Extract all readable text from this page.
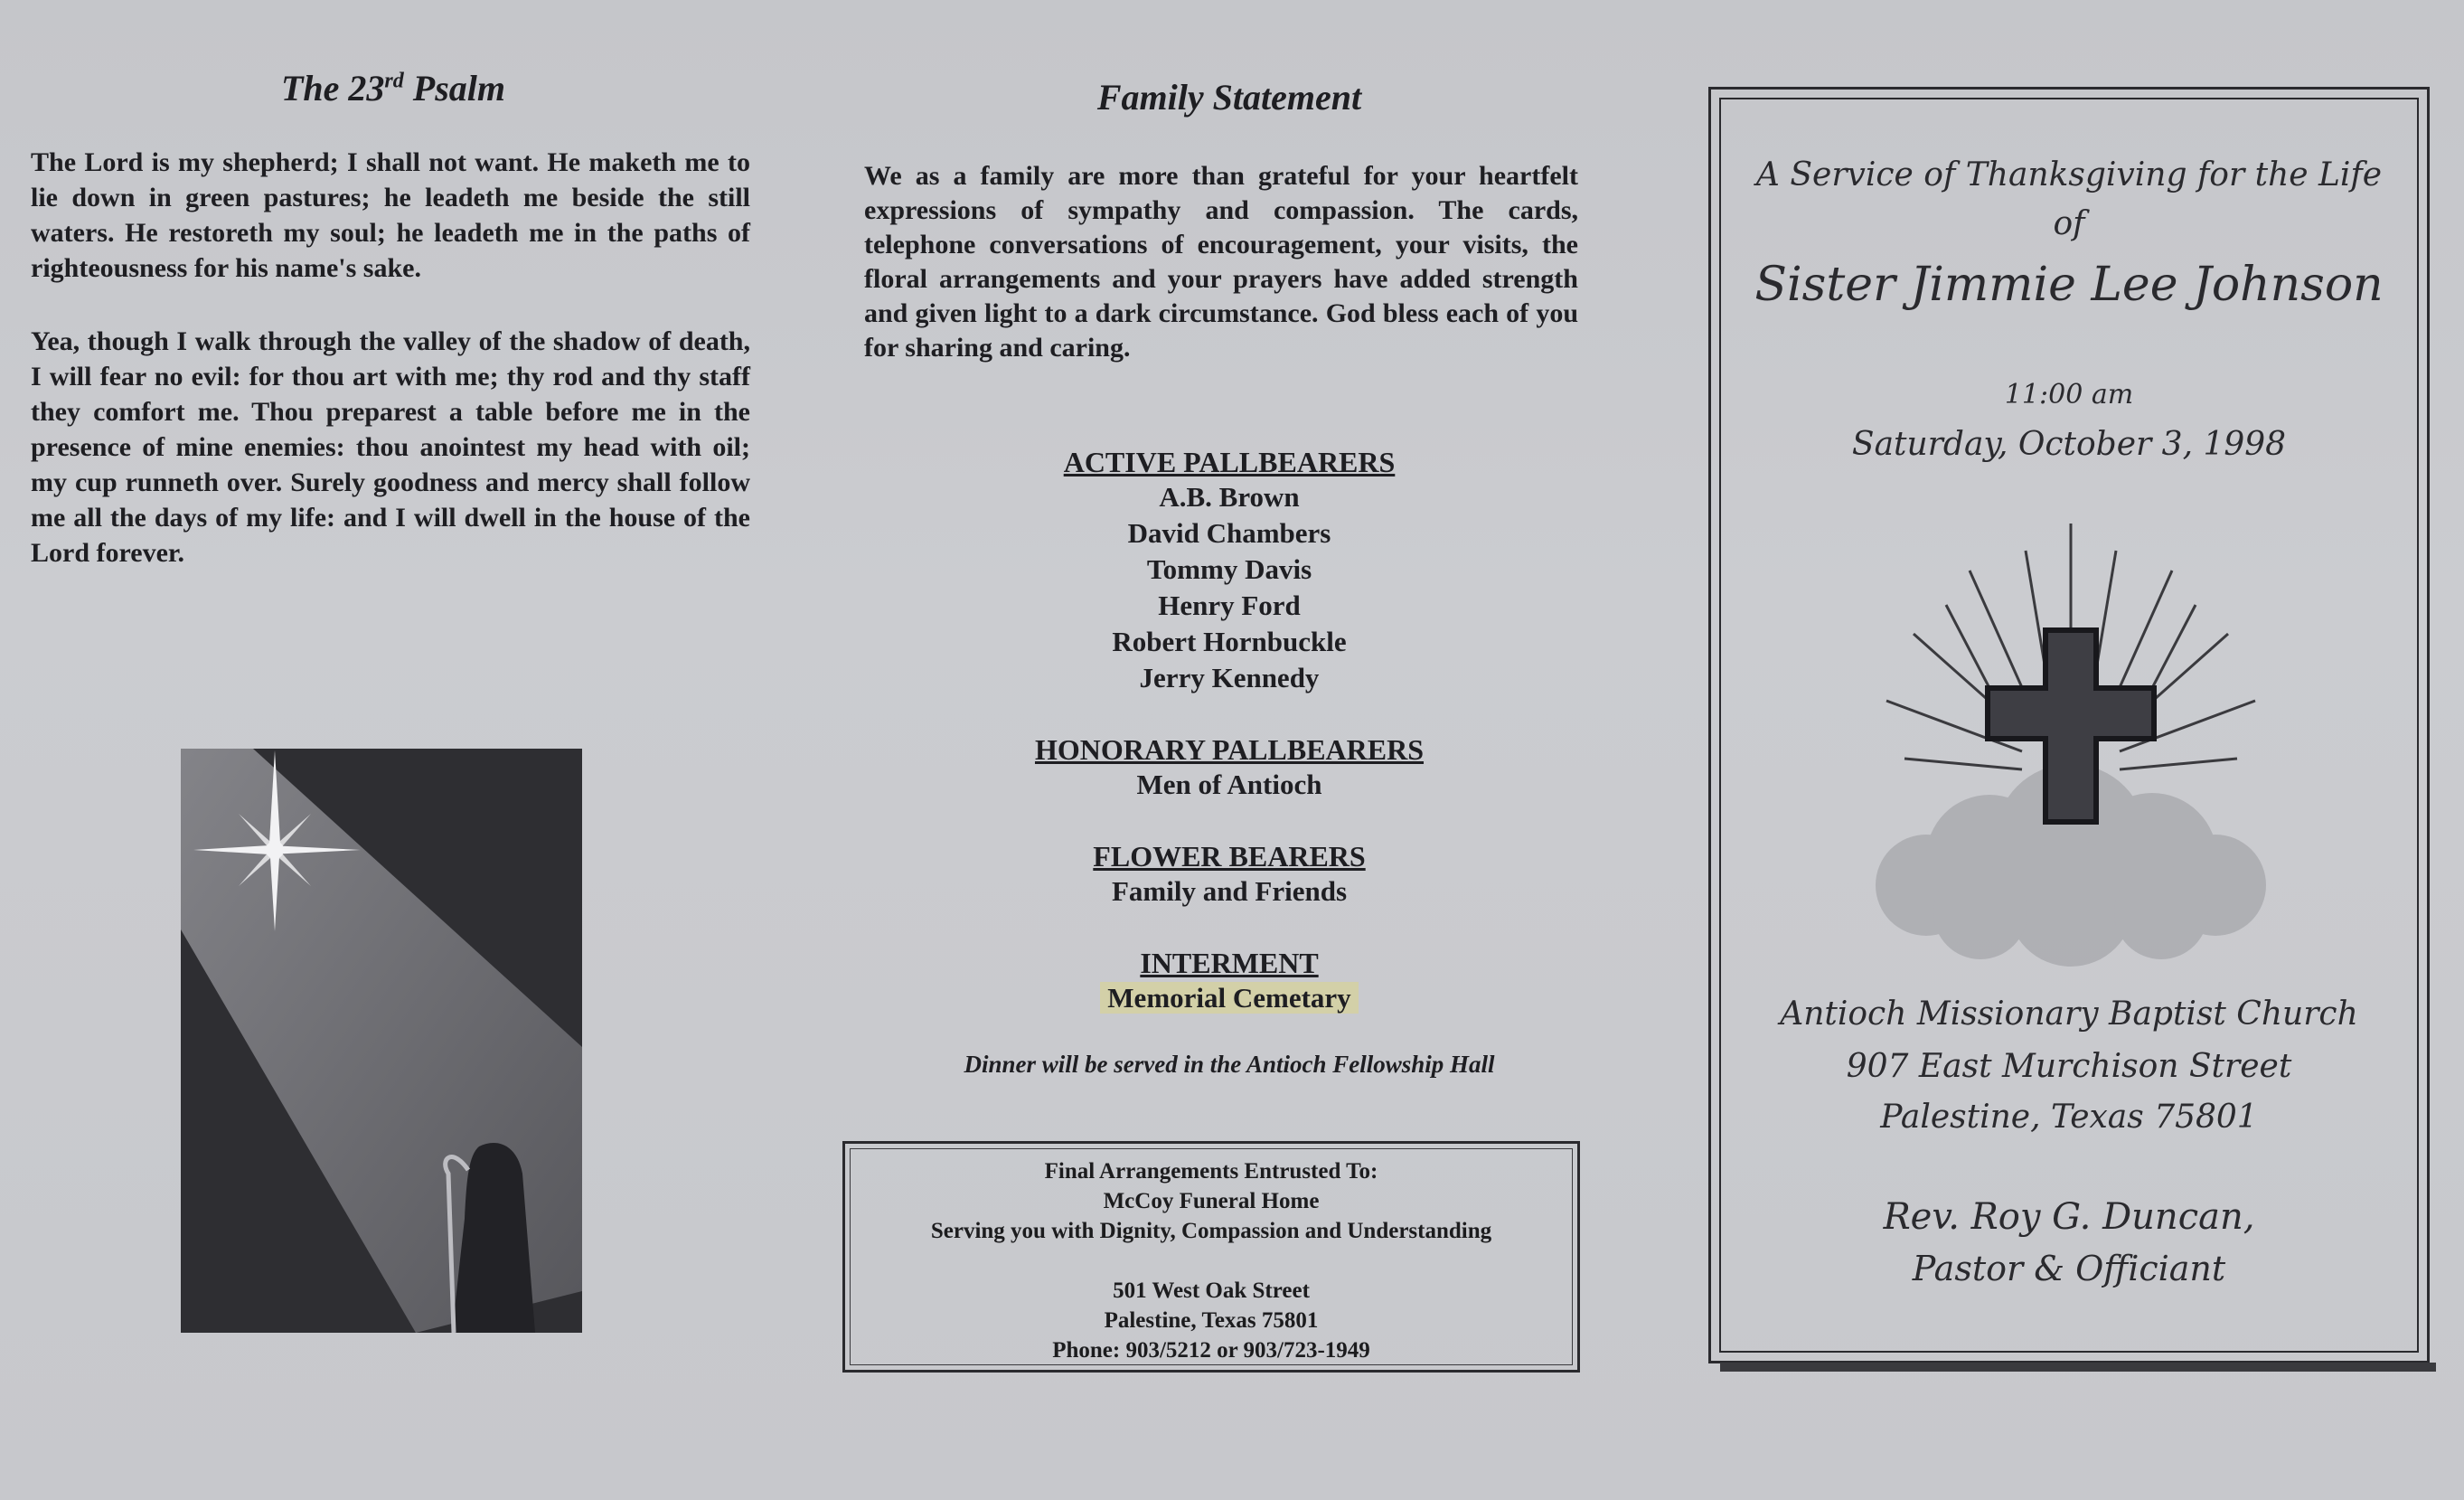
The 23rd Psalm

The Lord is my shepherd; I shall not want. He maketh me to lie down in green pastures; he leadeth me beside the still waters. He restoreth my soul; he leadeth me in the paths of righteousness for his name's sake.

Yea, though I walk through the valley of the shadow of death, I will fear no evil: for thou art with me; thy rod and thy staff they comfort me. Thou preparest a table before me in the presence of mine enemies: thou anointest my head with oil; my cup runneth over. Surely goodness and mercy shall follow me all the days of my life: and I will dwell in the house of the Lord forever.

Family Statement
We as a family are more than grateful for your heartfelt expressions of sympathy and compassion. The cards, telephone conversations of encouragement, your visits, the floral arrangements and your prayers have added strength and given light to a dark circumstance. God bless each of you for sharing and caring.
ACTIVE PALLBEARERS
A.B. Brown
David Chambers
Tommy Davis
Henry Ford
Robert Hornbuckle
Jerry Kennedy
HONORARY PALLBEARERS
Men of Antioch
FLOWER BEARERS
Family and Friends
INTERMENT
Memorial Cemetary
Dinner will be served in the Antioch Fellowship Hall
Final Arrangements Entrusted To:
McCoy Funeral Home
Serving you with Dignity, Compassion and Understanding
501 West Oak Street
Palestine, Texas 75801
Phone: 903/5212 or 903/723-1949
A Service of Thanksgiving for the Life
of
Sister Jimmie Lee Johnson
11:00 am
Saturday, October 3, 1998
Antioch Missionary Baptist Church
907 East Murchison Street
Palestine, Texas 75801
Rev. Roy G. Duncan,
Pastor & Officiant
